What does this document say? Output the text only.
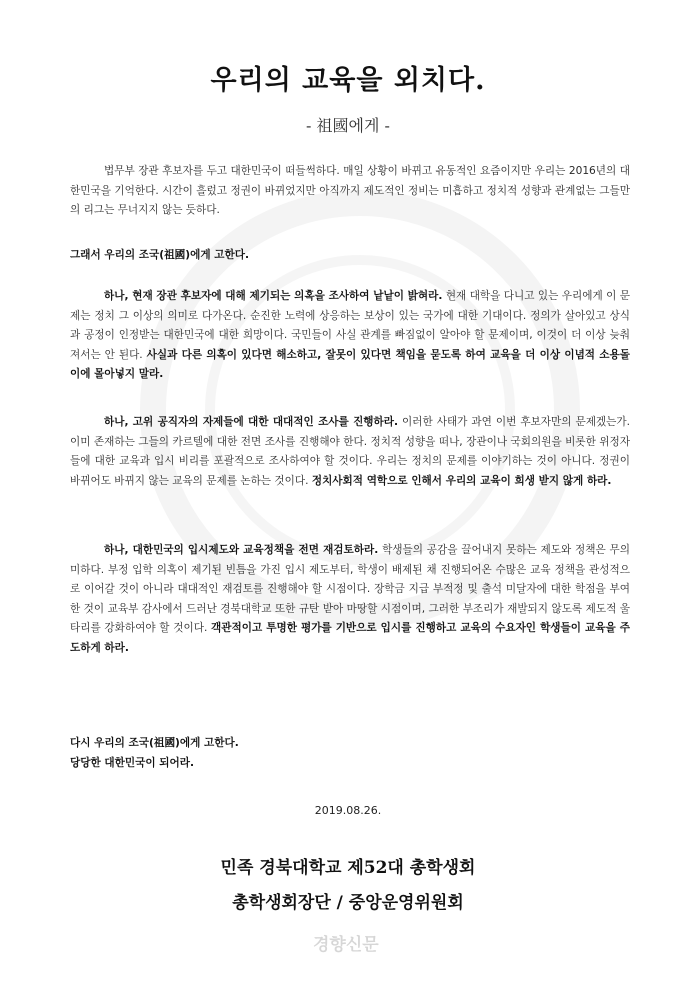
우리의 교육을 외치다.
- 祖國에게 -
법무부 장관 후보자를 두고 대한민국이 떠들썩하다. 매일 상황이 바뀌고 유동적인 요즘이지만 우리는 2016년의 대한민국을 기억한다. 시간이 흘렀고 정권이 바뀌었지만 아직까지 제도적인 정비는 미흡하고 정치적 성향과 관계없는 그들만의 리그는 무너지지 않는 듯하다.
그래서 우리의 조국(祖國)에게 고한다.
하나, 현재 장관 후보자에 대해 제기되는 의혹을 조사하여 낱낱이 밝혀라. 현재 대학을 다니고 있는 우리에게 이 문제는 정치 그 이상의 의미로 다가온다. 순진한 노력에 상응하는 보상이 있는 국가에 대한 기대이다. 정의가 살아있고 상식과 공정이 인정받는 대한민국에 대한 희망이다. 국민들이 사실 관계를 빠짐없이 알아야 할 문제이며, 이것이 더 이상 늦춰져서는 안 된다. 사실과 다른 의혹이 있다면 해소하고, 잘못이 있다면 책임을 묻도록 하여 교육을 더 이상 이념적 소용돌이에 몰아넣지 말라.
하나, 고위 공직자의 자제들에 대한 대대적인 조사를 진행하라. 이러한 사태가 과연 이번 후보자만의 문제겠는가. 이미 존재하는 그들의 카르텔에 대한 전면 조사를 진행해야 한다. 정치적 성향을 떠나, 장관이나 국회의원을 비롯한 위정자들에 대한 교육과 입시 비리를 포괄적으로 조사하여야 할 것이다. 우리는 정치의 문제를 이야기하는 것이 아니다. 정권이 바뀌어도 바뀌지 않는 교육의 문제를 논하는 것이다. 정치사회적 역학으로 인해서 우리의 교육이 희생 받지 않게 하라.
하나, 대한민국의 입시제도와 교육정책을 전면 재검토하라. 학생들의 공감을 끌어내지 못하는 제도와 정책은 무의미하다. 부정 입학 의혹이 제기된 빈틈을 가진 입시 제도부터, 학생이 배제된 채 진행되어온 수많은 교육 정책을 관성적으로 이어갈 것이 아니라 대대적인 재검토를 진행해야 할 시점이다. 장학금 지급 부적정 및 출석 미달자에 대한 학점을 부여한 것이 교육부 감사에서 드러난 경북대학교 또한 규탄 받아 마땅할 시점이며, 그러한 부조리가 재발되지 않도록 제도적 울타리를 강화하여야 할 것이다. 객관적이고 투명한 평가를 기반으로 입시를 진행하고 교육의 수요자인 학생들이 교육을 주도하게 하라.
다시 우리의 조국(祖國)에게 고한다.
당당한 대한민국이 되어라.
2019.08.26.
민족 경북대학교 제52대 총학생회
총학생회장단 / 중앙운영위원회
경향신문
